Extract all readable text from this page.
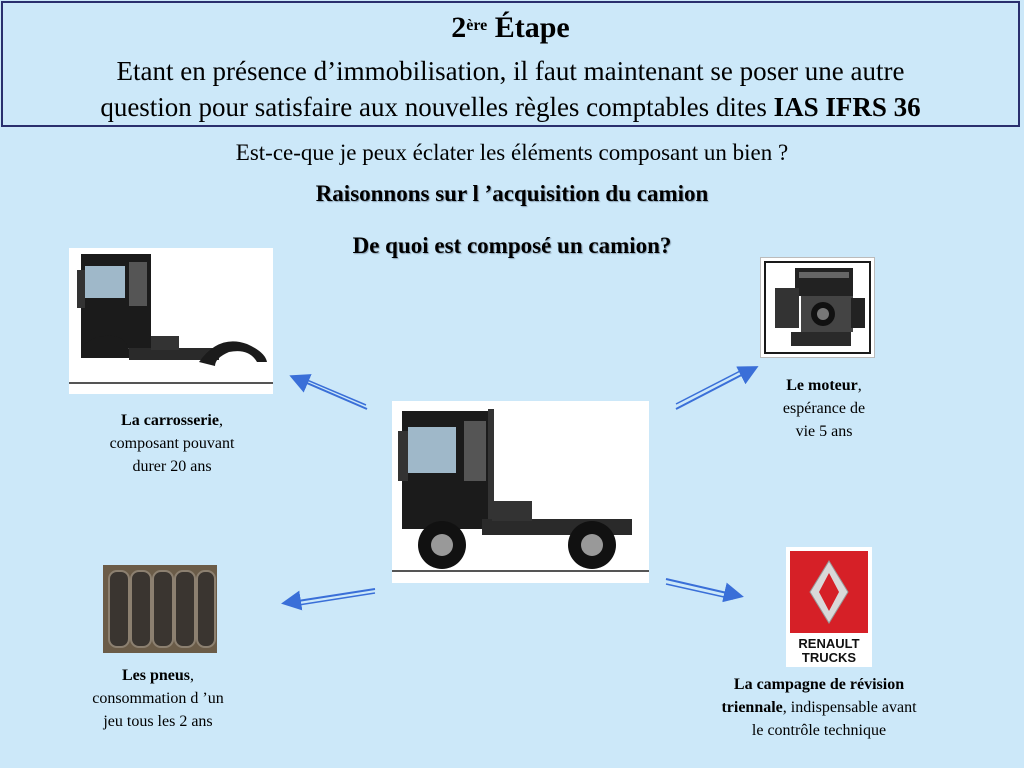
2ère Étape
Etant en présence d’immobilisation, il faut maintenant se poser une autre
question pour satisfaire aux nouvelles règles comptables dites IAS IFRS 36
Est-ce-que je peux éclater les éléments composant un bien ?
Raisonnons sur l ’acquisition du camion
De quoi est composé un camion?
RENAULT
TRUCKS
La carrosserie,
composant pouvant
durer 20 ans
Le moteur,
espérance de
vie 5 ans
Les pneus,
consommation d ’un
jeu tous les 2 ans
La campagne de révision
triennale, indispensable avant
le contrôle technique
